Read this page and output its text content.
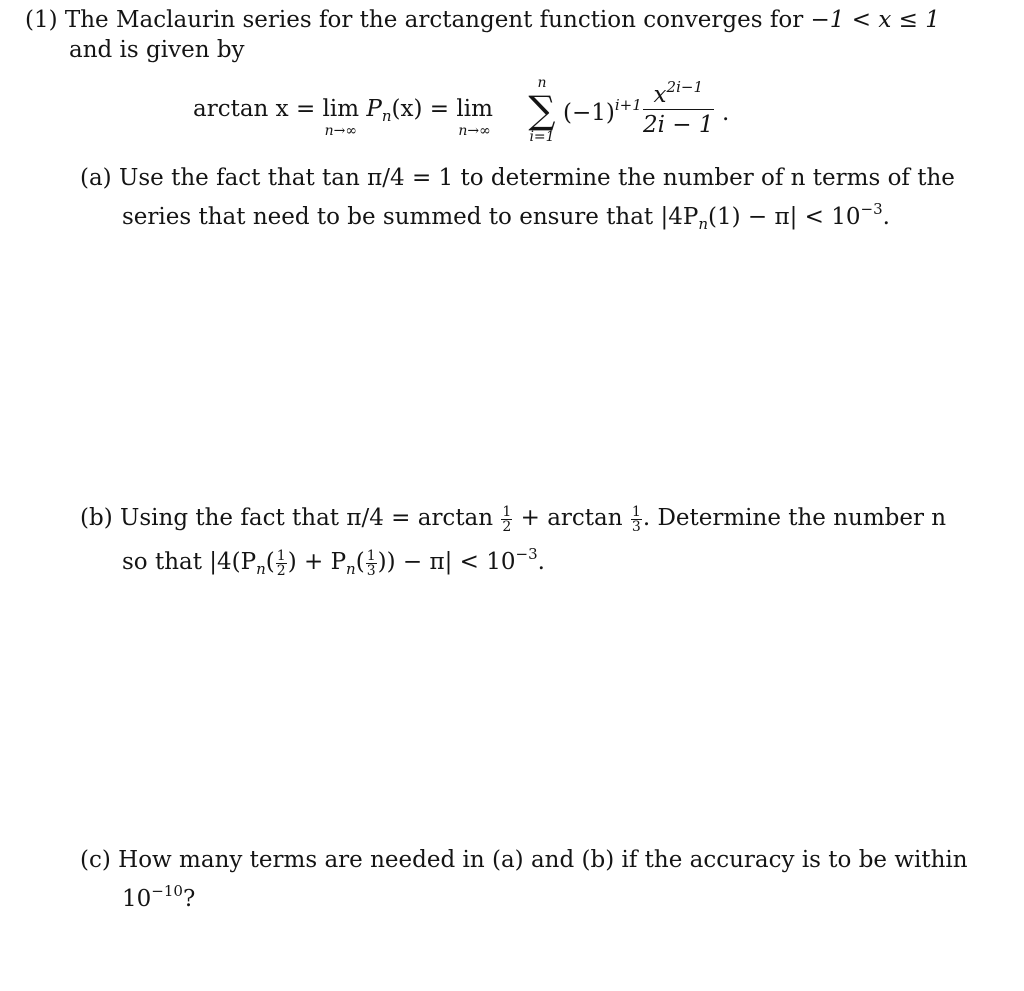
(1) The Maclaurin series for the arctangent function converges for −1 < x ≤ 1
and is given by
arctan x = lim
n→∞
$P_n(x) = \lim$
n→∞
n
∑
i=1
$(-1)^{i+1} \frac{x^{2i-1}}{2i - 1}$ .
(a) Use the fact that tan π/4 = 1 to determine the number of n terms of the
series that need to be summed to ensure that $|4P_n(1) - \pi| < 10^{-3}$.
(b) Using the fact that $\pi/4 = \arctan \frac{1}{2} + \arctan \frac{1}{3}$ . Determine the number n
so that $|4(P_n( \frac{1}{2}$ ) + $P_n( \frac{1}{3}$ )) − $\pi| < 10^{-3}$.
(c) How many terms are needed in (a) and (b) if the accuracy is to be within
$10^{-10}$?
